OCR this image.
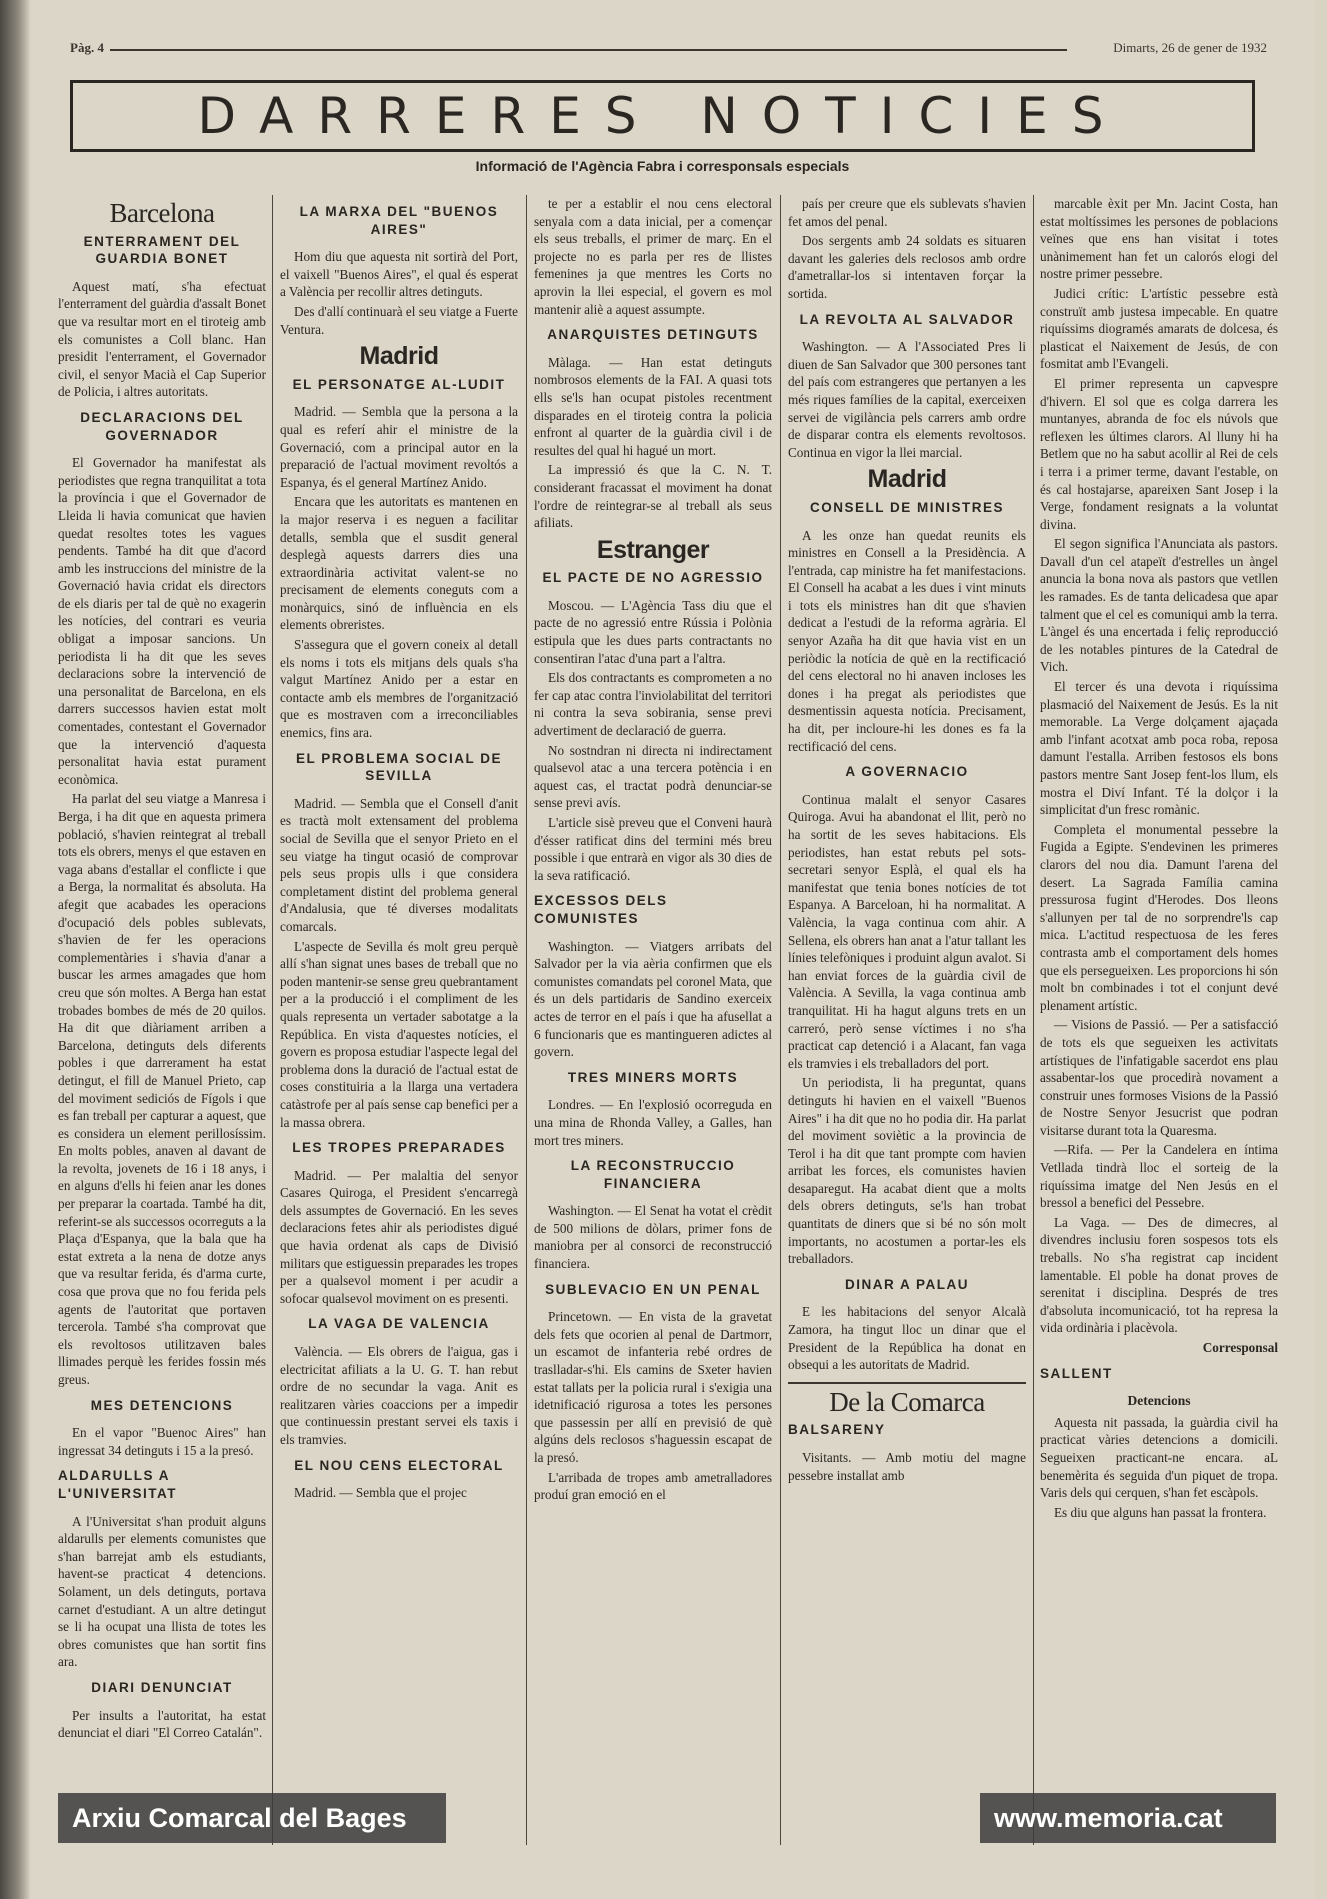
Pàg. 4	Dimarts, 26 de gener de 1932
DARRERES NOTICIES
Informació de l'Agència Fabra i corresponsals especials
Barcelona
ENTERRAMENT DEL GUARDIA BONET

Aquest matí, s'ha efectuat l'enterrament del guàrdia d'assalt Bonet que va resultar mort en el tiroteig amb els comunistes a Coll blanc. Han presidit l'enterrament, el Governador civil, el senyor Macià el Cap Superior de Policia, i altres autoritats.

DECLARACIONS DEL GOVERNADOR

El Governador ha manifestat als periodistes que regna tranquilitat a tota la província i que el Governador de Lleida li havia comunicat que havien quedat resoltes totes les vagues pendents. També ha dit que d'acord amb les instruccions del ministre de la Governació havia cridat els directors de els diaris per tal de què no exagerin les notícies, del contrari es veuria obligat a imposar sancions. Un periodista li ha dit que les seves declaracions sobre la intervenció de una personalitat de Barcelona, en els darrers successos havien estat molt comentades, contestant el Governador que la intervenció d'aquesta personalitat havia estat purament econòmica.

Ha parlat del seu viatge a Manresa i Berga, i ha dit que en aquesta primera població, s'havien reintegrat al treball tots els obrers, menys el que estaven en vaga abans d'estallar el conflicte i que a Berga, la normalitat és absoluta. Ha afegit que acabades les operacions d'ocupació dels pobles sublevats, s'havien de fer les operacions complementàries i s'havia d'anar a buscar les armes amagades que hom creu que són moltes. A Berga han estat trobades bombes de més de 20 quilos. Ha dit que diàriament arriben a Barcelona, detinguts dels diferents pobles i que darrerament ha estat detingut, el fill de Manuel Prieto, cap del moviment sediciós de Fígols i que es fan treball per capturar a aquest, que es considera un element perillosíssim. En molts pobles, anaven al davant de la revolta, jovenets de 16 i 18 anys, i en alguns d'ells hi feien anar les dones per preparar la coartada. També ha dit, referint-se als successos ocorreguts a la Plaça d'Espanya, que la bala que ha estat extreta a la nena de dotze anys que va resultar ferida, és d'arma curte, cosa que prova que no fou ferida pels agents de l'autoritat que portaven tercerola. També s'ha comprovat que els revoltosos utilitzaven bales llimades perquè les ferides fossin més greus.

MES DETENCIONS

En el vapor "Buenoc Aires" han ingressat 34 detinguts i 15 a la presó.

ALDARULLS A L'UNIVERSITAT

A l'Universitat s'han produit alguns aldarulls per elements comunistes que s'han barrejat amb els estudiants, havent-se practicat 4 detencions. Solament, un dels detinguts, portava carnet d'estudiant. A un altre detingut se li ha ocupat una llista de totes les obres comunistes que han sortit fins ara.

DIARI DENUNCIAT

Per insults a l'autoritat, ha estat denunciat el diari "El Correo Catalán".

LA MARXA DEL "BUENOS AIRES"

Hom diu que aquesta nit sortirà del Port, el vaixell "Buenos Aires", el qual és esperat a València per recollir altres detinguts.

Des d'allí continuarà el seu viatge a Fuerte Ventura.

Madrid
EL PERSONATGE AL-LUDIT

Madrid. — Sembla que la persona a la qual es referí ahir el ministre de la Governació, com a principal autor en la preparació de l'actual moviment revoltós a Espanya, és el general Martínez Anido.

Encara que les autoritats es mantenen en la major reserva i es neguen a facilitar detalls, sembla que el susdit general desplegà aquests darrers dies una extraordinària activitat valent-se no precisament de elements coneguts com a monàrquics, sinó de influència en els elements obreristes.

S'assegura que el govern coneix al detall els noms i tots els mitjans dels quals s'ha valgut Martínez Anido per a estar en contacte amb els membres de l'organització que es mostraven com a irreconciliables enemics, fins ara.

EL PROBLEMA SOCIAL DE SEVILLA

Madrid. — Sembla que el Consell d'anit es tractà molt extensament del problema social de Sevilla que el senyor Prieto en el seu viatge ha tingut ocasió de comprovar pels seus propis ulls i que considera completament distint del problema general d'Andalusia, que té diverses modalitats comarcals.

L'aspecte de Sevilla és molt greu perquè allí s'han signat unes bases de treball que no poden mantenir-se sense greu quebrantament per a la producció i el compliment de les quals representa un vertader sabotatge a la República. En vista d'aquestes notícies, el govern es proposa estudiar l'aspecte legal del problema dons la duració de l'actual estat de coses constituiria a la llarga una vertadera catàstrofe per al país sense cap benefici per a la massa obrera.

LES TROPES PREPARADES

Madrid. — Per malaltia del senyor Casares Quiroga, el President s'encarregà dels assumptes de Governació. En les seves declaracions fetes ahir als periodistes digué que havia ordenat als caps de Divisió militars que estiguessin preparades les tropes per a qualsevol moment i per acudir a sofocar qualsevol moviment on es presenti.

LA VAGA DE VALENCIA

València. — Els obrers de l'aigua, gas i electricitat afiliats a la U. G. T. han rebut ordre de no secundar la vaga. Anit es realitzaren vàries coaccions per a impedir que continuessin prestant servei els taxis i els tramvies.

EL NOU CENS ELECTORAL

Madrid. — Sembla que el projec

te per a establir el nou cens electoral senyala com a data inicial, per a començar els seus treballs, el primer de març. En el projecte no es parla per res de llistes femenines ja que mentres les Corts no aprovin la llei especial, el govern es mol mantenir aliè a aquest assumpte.

ANARQUISTES DETINGUTS

Màlaga. — Han estat detinguts nombrosos elements de la FAI. A quasi tots ells se'ls han ocupat pistoles recentment disparades en el tiroteig contra la policia enfront al quarter de la guàrdia civil i de resultes del qual hi hagué un mort.

La impressió és que la C. N. T. considerant fracassat el moviment ha donat l'ordre de reintegrar-se al treball als seus afiliats.

Estranger
EL PACTE DE NO AGRESSIO

Moscou. — L'Agència Tass diu que el pacte de no agressió entre Rússia i Polònia estipula que les dues parts contractants no consentiran l'atac d'una part a l'altra.

Els dos contractants es comprometen a no fer cap atac contra l'inviolabilitat del territori ni contra la seva sobirania, sense previ advertiment de declaració de guerra.

No sostndran ni directa ni indirectament qualsevol atac a una tercera potència i en aquest cas, el tractat podrà denunciar-se sense previ avís.

L'article sisè preveu que el Conveni haurà d'ésser ratificat dins del termini més breu possible i que entrarà en vigor als 30 dies de la seva ratificació.

EXCESSOS DELS COMUNISTES

Washington. — Viatgers arribats del Salvador per la via aèria confirmen que els comunistes comandats pel coronel Mata, que és un dels partidaris de Sandino exerceix actes de terror en el país i que ha afusellat a 6 funcionaris que es mantingueren adictes al govern.

TRES MINERS MORTS

Londres. — En l'explosió ocorreguda en una mina de Rhonda Valley, a Galles, han mort tres miners.

LA RECONSTRUCCIO FINANCIERA

Washington. — El Senat ha votat el crèdit de 500 milions de dòlars, primer fons de maniobra per al consorci de reconstrucció financiera.

SUBLEVACIO EN UN PENAL

Princetown. — En vista de la gravetat dels fets que ocorien al penal de Dartmorr, un escamot de infanteria rebé ordres de traslladar-s'hi. Els camins de Sxeter havien estat tallats per la policia rural i s'exigia una idetnificació rigurosa a totes les persones que passessin per allí en previsió de què algúns dels reclosos s'haguessin escapat de la presó.

L'arribada de tropes amb ametralladores produí gran emoció en el

país per creure que els sublevats s'havien fet amos del penal.

Dos sergents amb 24 soldats es situaren davant les galeries dels reclosos amb ordre d'ametrallar-los si intentaven forçar la sortida.

LA REVOLTA AL SALVADOR

Washington. — A l'Associated Pres li diuen de San Salvador que 300 persones tant del país com estrangeres que pertanyen a les més riques famílies de la capital, exerceixen servei de vigilància pels carrers amb ordre de disparar contra els elements revoltosos. Continua en vigor la llei marcial.

Madrid
CONSELL DE MINISTRES

A les onze han quedat reunits els ministres en Consell a la Presidència. A l'entrada, cap ministre ha fet manifestacions. El Consell ha acabat a les dues i vint minuts i tots els ministres han dit que s'havien dedicat a l'estudi de la reforma agrària. El senyor Azaña ha dit que havia vist en un periòdic la notícia de què en la rectificació del cens electoral no hi anaven incloses les dones i ha pregat als periodistes que desmentissin aquesta notícia. Precisament, ha dit, per incloure-hi les dones es fa la rectificació del cens.

A GOVERNACIO

Continua malalt el senyor Casares Quiroga. Avui ha abandonat el llit, però no ha sortit de les seves habitacions. Els periodistes, han estat rebuts pel sots-secretari senyor Esplà, el qual els ha manifestat que tenia bones notícies de tot Espanya. A Barceloan, hi ha normalitat. A València, la vaga continua com ahir. A Sellena, els obrers han anat a l'atur tallant les línies telefòniques i produint algun avalot. Si han enviat forces de la guàrdia civil de València. A Sevilla, la vaga continua amb tranquilitat. Hi ha hagut alguns trets en un carreró, però sense víctimes i no s'ha practicat cap detenció i a Alacant, fan vaga els tramvies i els treballadors del port.

Un periodista, li ha preguntat, quans detinguts hi havien en el vaixell "Buenos Aires" i ha dit que no ho podia dir. Ha parlat del moviment soviètic a la provincia de Terol i ha dit que tant prompte com havien arribat les forces, els comunistes havien desaparegut. Ha acabat dient que a molts dels obrers detinguts, se'ls han trobat quantitats de diners que si bé no són molt importants, no acostumen a portar-les els treballadors.

DINAR A PALAU

E les habitacions del senyor Alcalà Zamora, ha tingut lloc un dinar que el President de la República ha donat en obsequi a les autoritats de Madrid.

De la Comarca
BALSARENY

Visitants. — Amb motiu del magne pessebre installat amb

marcable èxit per Mn. Jacint Costa, han estat moltíssimes les persones de poblacions veïnes que ens han visitat i totes unànimement han fet un calorós elogi del nostre primer pessebre.

Judici crític: L'artístic pessebre està construït amb justesa impecable. En quatre riquíssims diogramés amarats de dolcesa, és plasticat el Naixement de Jesús, de con fosmitat amb l'Evangeli.

El primer representa un capvespre d'hivern. El sol que es colga darrera les muntanyes, abranda de foc els núvols que reflexen les últimes clarors. Al lluny hi ha Betlem que no ha sabut acollir al Rei de cels i terra i a primer terme, davant l'estable, on és cal hostajarse, apareixen Sant Josep i la Verge, fondament resignats a la voluntat divina.

El segon significa l'Anunciata als pastors. Davall d'un cel atapeït d'estrelles un àngel anuncia la bona nova als pastors que vetllen les ramades. Es de tanta delicadesa que apar talment que el cel es comuniqui amb la terra. L'àngel és una encertada i feliç reproducció de les notables pintures de la Catedral de Vich.

El tercer és una devota i riquíssima plasmació del Naixement de Jesús. Es la nit memorable. La Verge dolçament ajaçada amb l'infant acotxat amb poca roba, reposa damunt l'estalla. Arriben festosos els bons pastors mentre Sant Josep fent-los llum, els mostra el Diví Infant. Té la dolçor i la simplicitat d'un fresc romànic.

Completa el monumental pessebre la Fugida a Egipte. S'endevinen les primeres clarors del nou dia. Damunt l'arena del desert. La Sagrada Família camina pressurosa fugint d'Herodes. Dos lleons s'allunyen per tal de no sorprendre'ls cap mica. L'actitud respectuosa de les feres contrasta amb el comportament dels homes que els persegueixen. Les proporcions hi són molt bn combinades i tot el conjunt devé plenament artístic.

— Visions de Passió. — Per a satisfacció de tots els que segueixen les activitats artístiques de l'infatigable sacerdot ens plau assabentar-los que procedirà novament a construir unes formoses Visions de la Passió de Nostre Senyor Jesucrist que podran visitarse durant tota la Quaresma.

—Rifa. — Per la Candelera en íntima Vetllada tindrà lloc el sorteig de la riquíssima imatge del Nen Jesús en el bressol a benefici del Pessebre.

La Vaga. — Des de dimecres, al divendres inclusiu foren sospesos tots els treballs. No s'ha registrat cap incident lamentable. El poble ha donat proves de serenitat i disciplina. Després de tres d'absoluta incomunicació, tot ha represa la vida ordinària i placèvola.

Corresponsal

SALLENT
Detencions

Aquesta nit passada, la guàrdia civil ha practicat vàries detencions a domicili. Segueixen practicant-ne encara. aL benemèrita és seguida d'un piquet de tropa. Varis dels qui cerquen, s'han fet escàpols.

Es diu que alguns han passat la frontera.

Arxiu Comarcal del Bages	www.memoria.cat
